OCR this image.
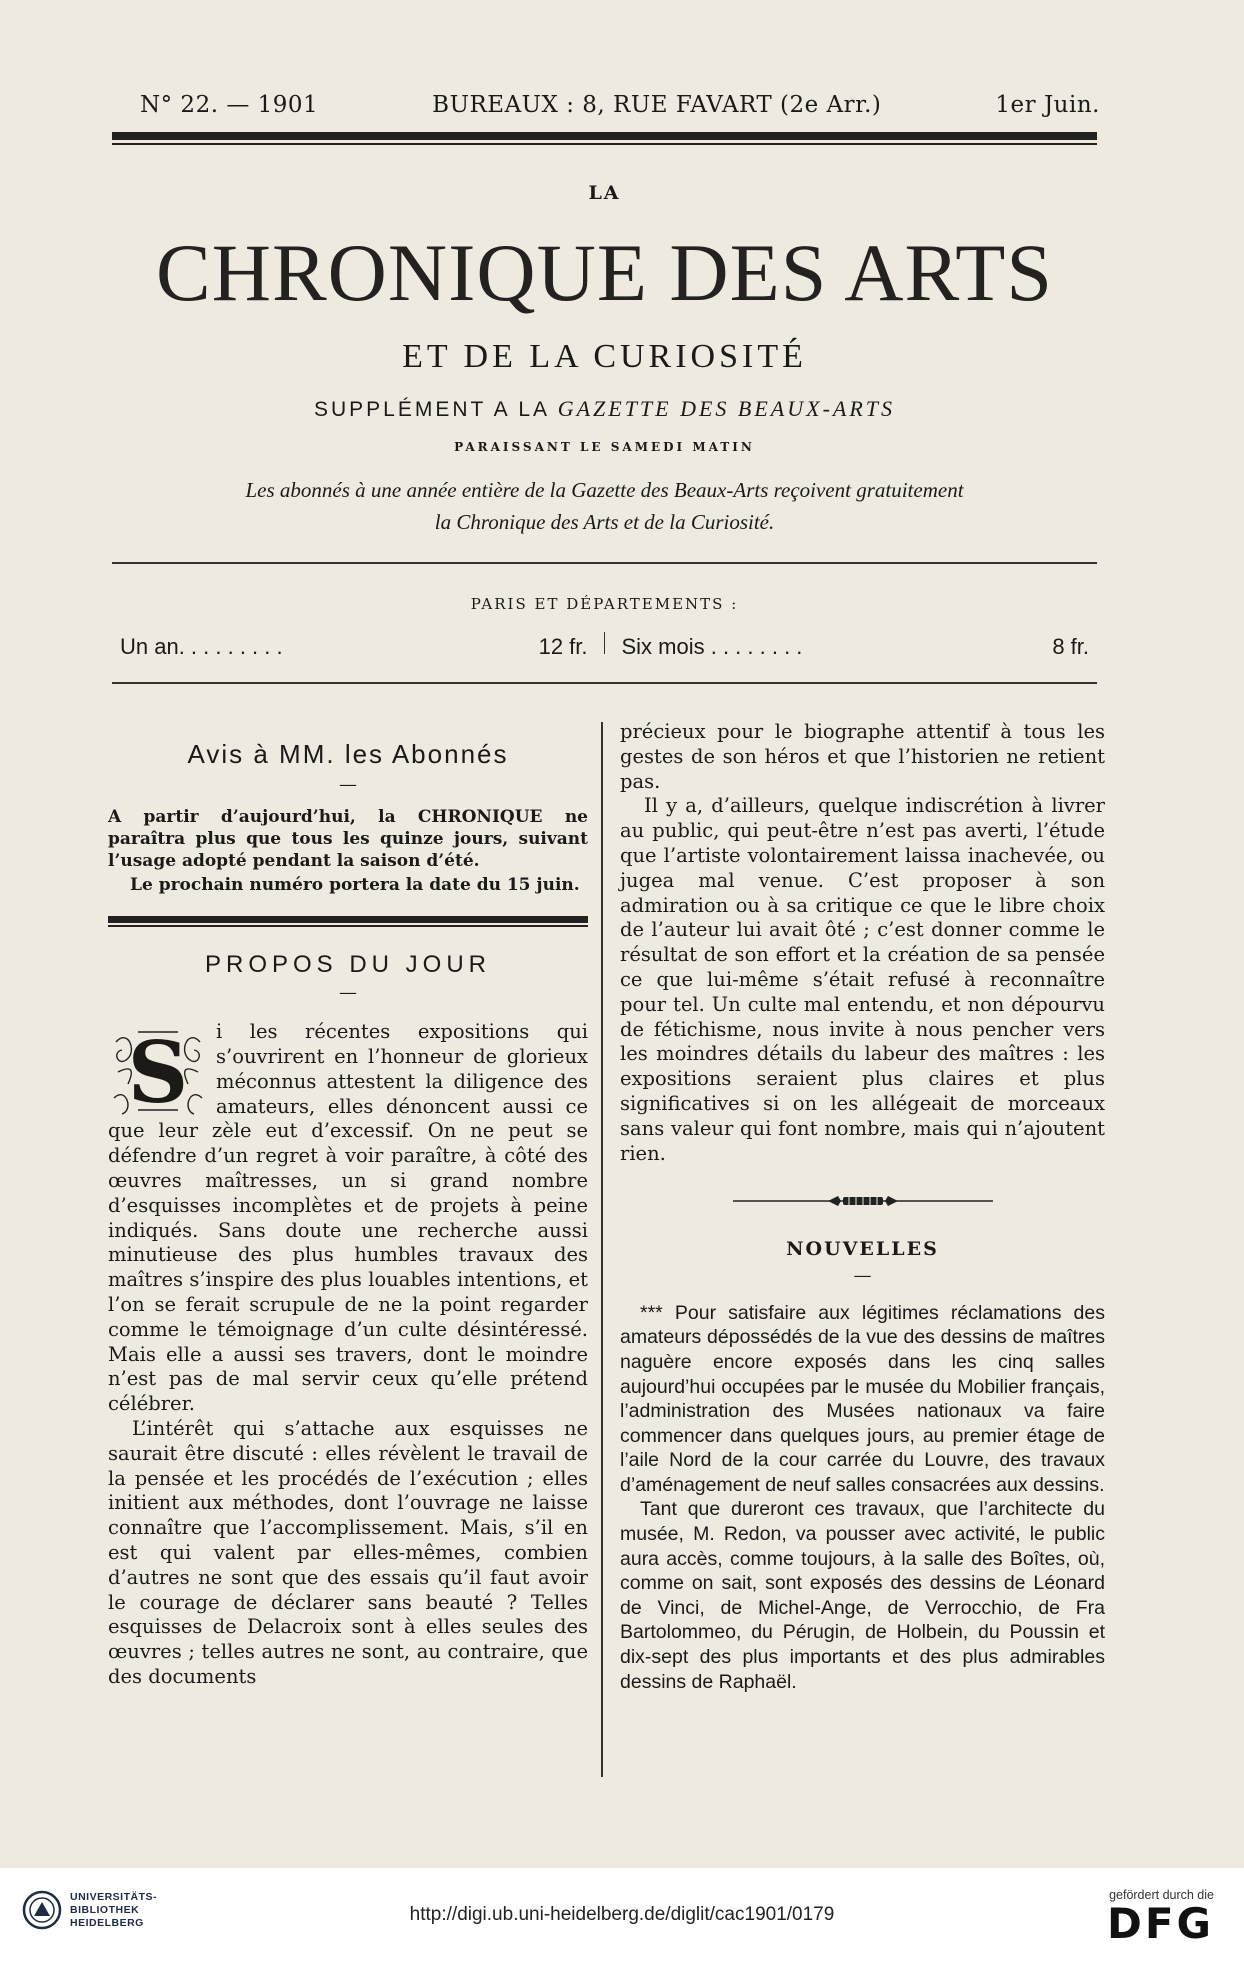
N° 22. — 1901	BUREAUX : 8, RUE FAVART (2e Arr.)	1er Juin.
LA
CHRONIQUE DES ARTS
ET DE LA CURIOSITÉ
SUPPLÉMENT A LA GAZETTE DES BEAUX-ARTS
PARAISSANT LE SAMEDI MATIN
Les abonnés à une année entière de la Gazette des Beaux-Arts reçoivent gratuitement
la Chronique des Arts et de la Curiosité.
PARIS ET DÉPARTEMENTS :
Un an. . . . . . . . .	12 fr. Six mois . . . . . . . .	8 fr.
Avis à MM. les Abonnés
—

A partir d’aujourd’hui, la CHRONIQUE ne paraîtra plus que tous les quinze jours, suivant l’usage adopté pendant la saison d’été.

Le prochain numéro portera la date du 15 juin.

PROPOS DU JOUR
—
S	i les récentes expositions qui s’ouvrirent en l’honneur de glorieux méconnus attestent la diligence des amateurs, elles dénoncent aussi ce que leur zèle eut d’excessif. On ne peut se défendre d’un regret à voir paraître, à côté des œuvres maîtresses, un si grand nombre d’esquisses incomplètes et de projets à peine indiqués. Sans doute une recherche aussi minutieuse des plus humbles travaux des maîtres s’inspire des plus louables intentions, et l’on se ferait scrupule de ne la point regarder comme le témoignage d’un culte désintéressé. Mais elle a aussi ses travers, dont le moindre n’est pas de mal servir ceux qu’elle prétend célébrer.

L’intérêt qui s’attache aux esquisses ne saurait être discuté : elles révèlent le travail de la pensée et les procédés de l’exécution ; elles initient aux méthodes, dont l’ouvrage ne laisse connaître que l’accomplissement. Mais, s’il en est qui valent par elles-mêmes, combien d’autres ne sont que des essais qu’il faut avoir le courage de déclarer sans beauté ? Telles esquisses de Delacroix sont à elles seules des œuvres ; telles autres ne sont, au contraire, que des documents

précieux pour le biographe attentif à tous les gestes de son héros et que l’historien ne retient pas.

Il y a, d’ailleurs, quelque indiscrétion à livrer au public, qui peut-être n’est pas averti, l’étude que l’artiste volontairement laissa inachevée, ou jugea mal venue. C’est proposer à son admiration ou à sa critique ce que le libre choix de l’auteur lui avait ôté ; c’est donner comme le résultat de son effort et la création de sa pensée ce que lui-même s’était refusé à reconnaître pour tel. Un culte mal entendu, et non dépourvu de fétichisme, nous invite à nous pencher vers les moindres détails du labeur des maîtres : les expositions seraient plus claires et plus significatives si on les allégeait de morceaux sans valeur qui font nombre, mais qui n’ajoutent rien.

NOUVELLES
—

*** Pour satisfaire aux légitimes réclamations des amateurs dépossédés de la vue des dessins de maîtres naguère encore exposés dans les cinq salles aujourd’hui occupées par le musée du Mobilier français, l’administration des Musées nationaux va faire commencer dans quelques jours, au premier étage de l’aile Nord de la cour carrée du Louvre, des travaux d’aménagement de neuf salles consacrées aux dessins.

Tant que dureront ces travaux, que l’architecte du musée, M. Redon, va pousser avec activité, le public aura accès, comme toujours, à la salle des Boîtes, où, comme on sait, sont exposés des dessins de Léonard de Vinci, de Michel-Ange, de Verrocchio, de Fra Bartolommeo, du Pérugin, de Holbein, du Poussin et dix-sept des plus importants et des plus admirables dessins de Raphaël.

UNIVERSITÄTS-
BIBLIOTHEK
HEIDELBERG	http://digi.ub.uni-heidelberg.de/diglit/cac1901/0179
gefördert durch die
DFG
